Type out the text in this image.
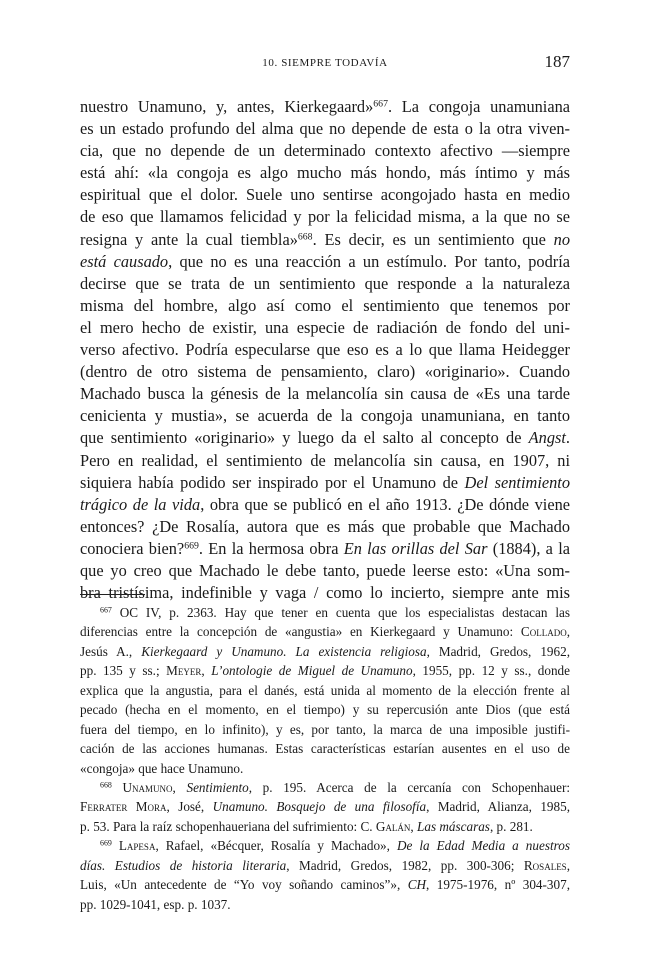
10. SIEMPRE TODAVÍA	187
nuestro Unamuno, y, antes, Kierkegaard»$^{667}$. La congoja unamuniana
es un estado profundo del alma que no depende de esta o la otra viven-
cia, que no depende de un determinado contexto afectivo —siempre
está ahí: «la congoja es algo mucho más hondo, más íntimo y más
espiritual que el dolor. Suele uno sentirse acongojado hasta en medio
de eso que llamamos felicidad y por la felicidad misma, a la que no se
resigna y ante la cual tiembla»$^{668}$. Es decir, es un sentimiento que no
está causado, que no es una reacción a un estímulo. Por tanto, podría
decirse que se trata de un sentimiento que responde a la naturaleza
misma del hombre, algo así como el sentimiento que tenemos por
el mero hecho de existir, una especie de radiación de fondo del uni-
verso afectivo. Podría especularse que eso es a lo que llama Heidegger
(dentro de otro sistema de pensamiento, claro) «originario». Cuando
Machado busca la génesis de la melancolía sin causa de «Es una tarde
cenicienta y mustia», se acuerda de la congoja unamuniana, en tanto
que sentimiento «originario» y luego da el salto al concepto de Angst.
Pero en realidad, el sentimiento de melancolía sin causa, en 1907, ni
siquiera había podido ser inspirado por el Unamuno de Del sentimiento
trágico de la vida, obra que se publicó en el año 1913. ¿De dónde viene
entonces? ¿De Rosalía, autora que es más que probable que Machado
conociera bien?$^{669}$. En la hermosa obra En las orillas del Sar (1884), a la
que yo creo que Machado le debe tanto, puede leerse esto: «Una som-
bra tristísima, indefinible y vaga / como lo incierto, siempre ante mis
$^{667}$ OC IV, p. 2363. Hay que tener en cuenta que los especialistas destacan las
diferencias entre la concepción de «angustia» en Kierkegaard y Unamuno: Collado,
Jesús A., Kierkegaard y Unamuno. La existencia religiosa, Madrid, Gredos, 1962,
pp. 135 y ss.; Meyer, L’ontologie de Miguel de Unamuno, 1955, pp. 12 y ss., donde
explica que la angustia, para el danés, está unida al momento de la elección frente al
pecado (hecha en el momento, en el tiempo) y su repercusión ante Dios (que está
fuera del tiempo, en lo infinito), y es, por tanto, la marca de una imposible justifi-
cación de las acciones humanas. Estas características estarían ausentes en el uso de
«congoja» que hace Unamuno.
$^{668}$ Unamuno, Sentimiento, p. 195. Acerca de la cercanía con Schopenhauer:
Ferrater Mora, José, Unamuno. Bosquejo de una filosofía, Madrid, Alianza, 1985,
p. 53. Para la raíz schopenhaueriana del sufrimiento: C. Galán, Las máscaras, p. 281.
$^{669}$ Lapesa, Rafael, «Bécquer, Rosalía y Machado», De la Edad Media a nuestros
días. Estudios de historia literaria, Madrid, Gredos, 1982, pp. 300-306; Rosales,
Luis, «Un antecedente de “Yo voy soñando caminos”», CH, 1975-1976, nº 304-307,
pp. 1029-1041, esp. p. 1037.
